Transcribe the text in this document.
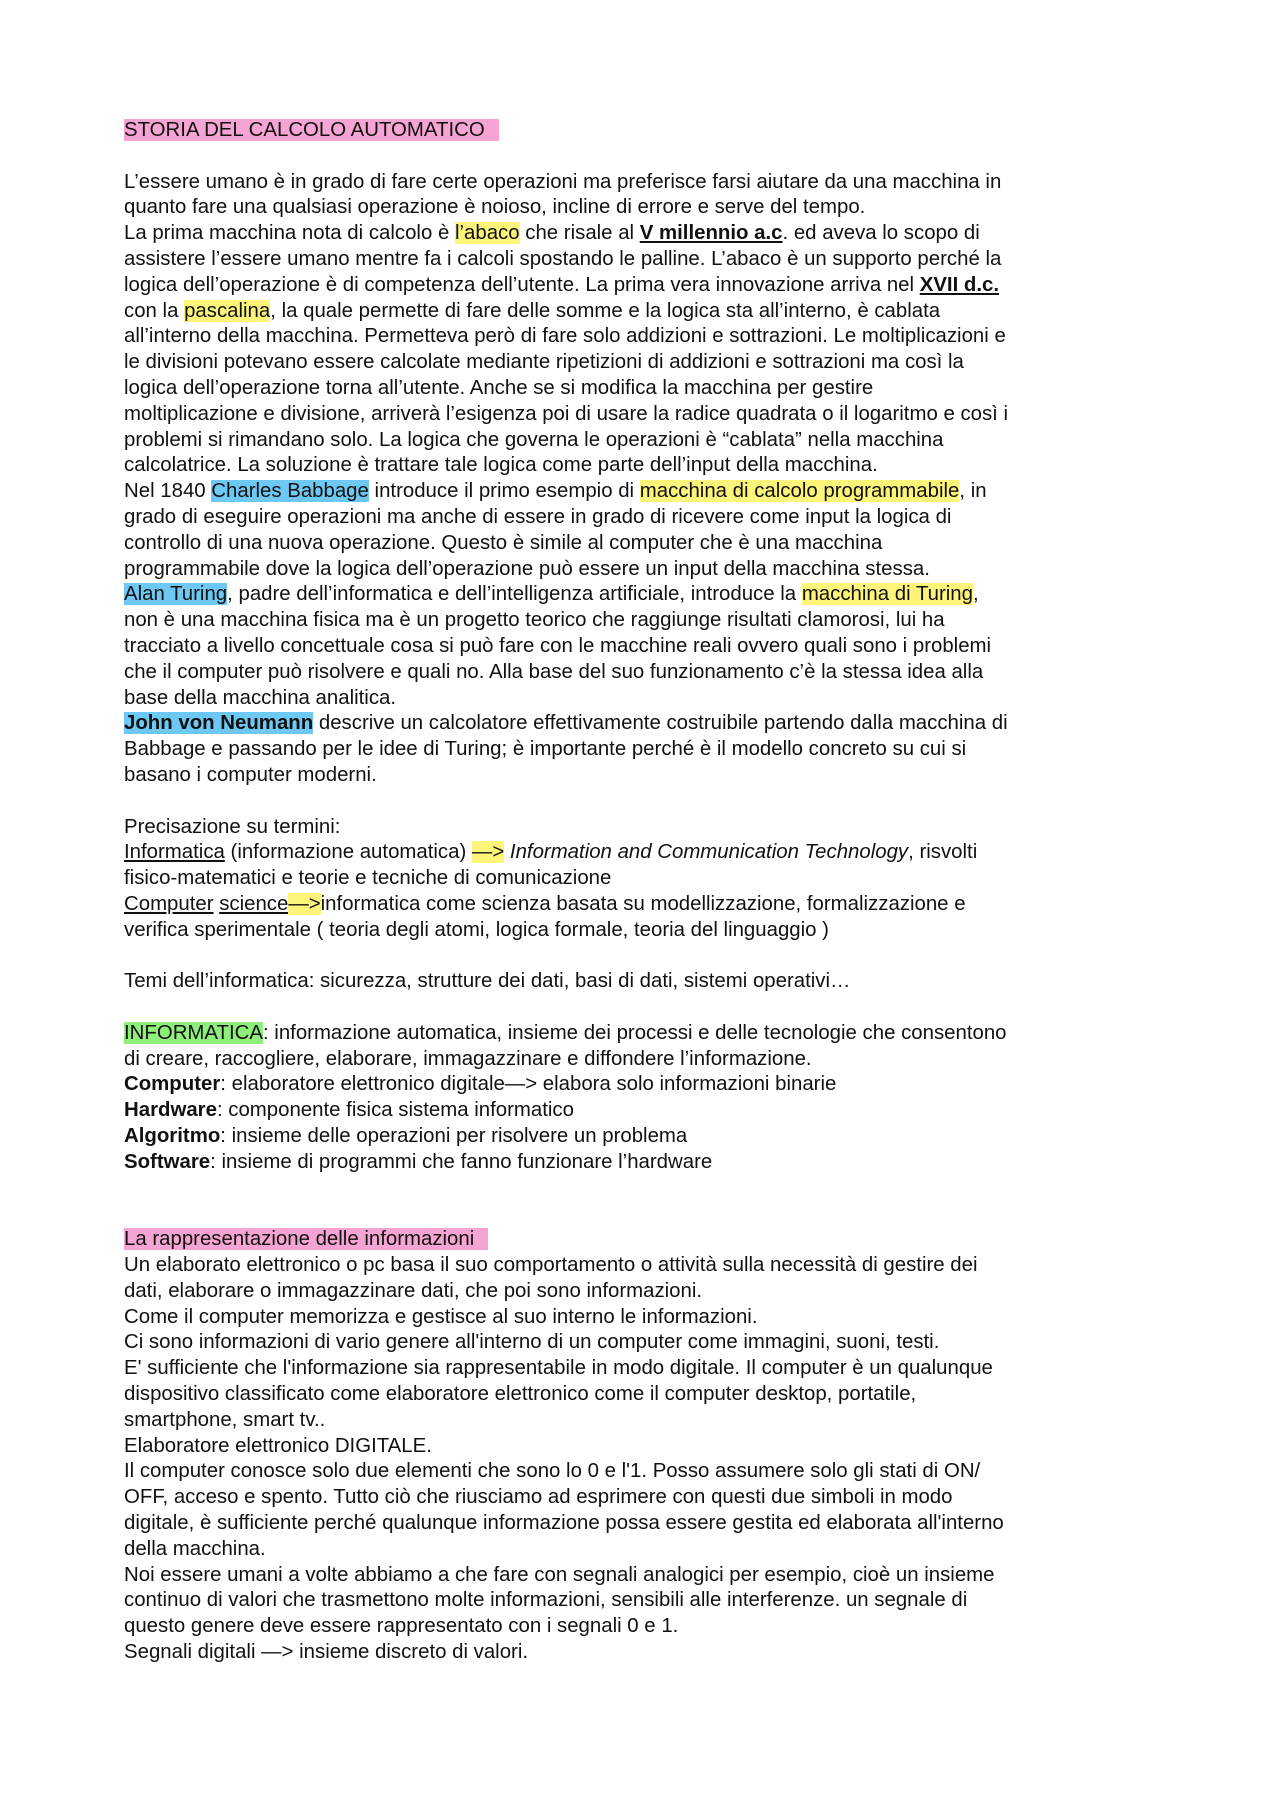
STORIA DEL CALCOLO AUTOMATICO
L’essere umano è in grado di fare certe operazioni ma preferisce farsi aiutare da una macchina in
quanto fare una qualsiasi operazione è noioso, incline di errore e serve del tempo.
La prima macchina nota di calcolo è l’abaco che risale al V millennio a.c. ed aveva lo scopo di
assistere l’essere umano mentre fa i calcoli spostando le palline. L’abaco è un supporto perché la
logica dell’operazione è di competenza dell’utente. La prima vera innovazione arriva nel XVII d.c.
con la pascalina, la quale permette di fare delle somme e la logica sta all’interno, è cablata
all’interno della macchina. Permetteva però di fare solo addizioni e sottrazioni. Le moltiplicazioni e
le divisioni potevano essere calcolate mediante ripetizioni di addizioni e sottrazioni ma così la
logica dell’operazione torna all’utente. Anche se si modifica la macchina per gestire
moltiplicazione e divisione, arriverà l’esigenza poi di usare la radice quadrata o il logaritmo e così i
problemi si rimandano solo. La logica che governa le operazioni è “cablata” nella macchina
calcolatrice. La soluzione è trattare tale logica come parte dell’input della macchina.
Nel 1840 Charles Babbage introduce il primo esempio di macchina di calcolo programmabile, in
grado di eseguire operazioni ma anche di essere in grado di ricevere come input la logica di
controllo di una nuova operazione. Questo è simile al computer che è una macchina
programmabile dove la logica dell’operazione può essere un input della macchina stessa.
Alan Turing, padre dell’informatica e dell’intelligenza artificiale, introduce la macchina di Turing,
non è una macchina fisica ma è un progetto teorico che raggiunge risultati clamorosi, lui ha
tracciato a livello concettuale cosa si può fare con le macchine reali ovvero quali sono i problemi
che il computer può risolvere e quali no. Alla base del suo funzionamento c’è la stessa idea alla
base della macchina analitica.
John von Neumann descrive un calcolatore effettivamente costruibile partendo dalla macchina di
Babbage e passando per le idee di Turing; è importante perché è il modello concreto su cui si
basano i computer moderni.
Precisazione su termini:
Informatica (informazione automatica) —> Information and Communication Technology, risvolti
fisico-matematici e teorie e tecniche di comunicazione
Computer science—>informatica come scienza basata su modellizzazione, formalizzazione e
verifica sperimentale ( teoria degli atomi, logica formale, teoria del linguaggio )
Temi dell’informatica: sicurezza, strutture dei dati, basi di dati, sistemi operativi…
INFORMATICA: informazione automatica, insieme dei processi e delle tecnologie che consentono
di creare, raccogliere, elaborare, immagazzinare e diffondere l’informazione.
Computer: elaboratore elettronico digitale—> elabora solo informazioni binarie
Hardware: componente fisica sistema informatico
Algoritmo: insieme delle operazioni per risolvere un problema
Software: insieme di programmi che fanno funzionare l’hardware
La rappresentazione delle informazioni
Un elaborato elettronico o pc basa il suo comportamento o attività sulla necessità di gestire dei
dati, elaborare o immagazzinare dati, che poi sono informazioni.
Come il computer memorizza e gestisce al suo interno le informazioni.
Ci sono informazioni di vario genere all'interno di un computer come immagini, suoni, testi.
E' sufficiente che l'informazione sia rappresentabile in modo digitale. Il computer è un qualunque
dispositivo classificato come elaboratore elettronico come il computer desktop, portatile,
smartphone, smart tv..
Elaboratore elettronico DIGITALE.
Il computer conosce solo due elementi che sono lo 0 e l'1. Posso assumere solo gli stati di ON/
OFF, acceso e spento. Tutto ciò che riusciamo ad esprimere con questi due simboli in modo
digitale, è sufficiente perché qualunque informazione possa essere gestita ed elaborata all'interno
della macchina.
Noi essere umani a volte abbiamo a che fare con segnali analogici per esempio, cioè un insieme
continuo di valori che trasmettono molte informazioni, sensibili alle interferenze. un segnale di
questo genere deve essere rappresentato con i segnali 0 e 1.
Segnali digitali —> insieme discreto di valori.
